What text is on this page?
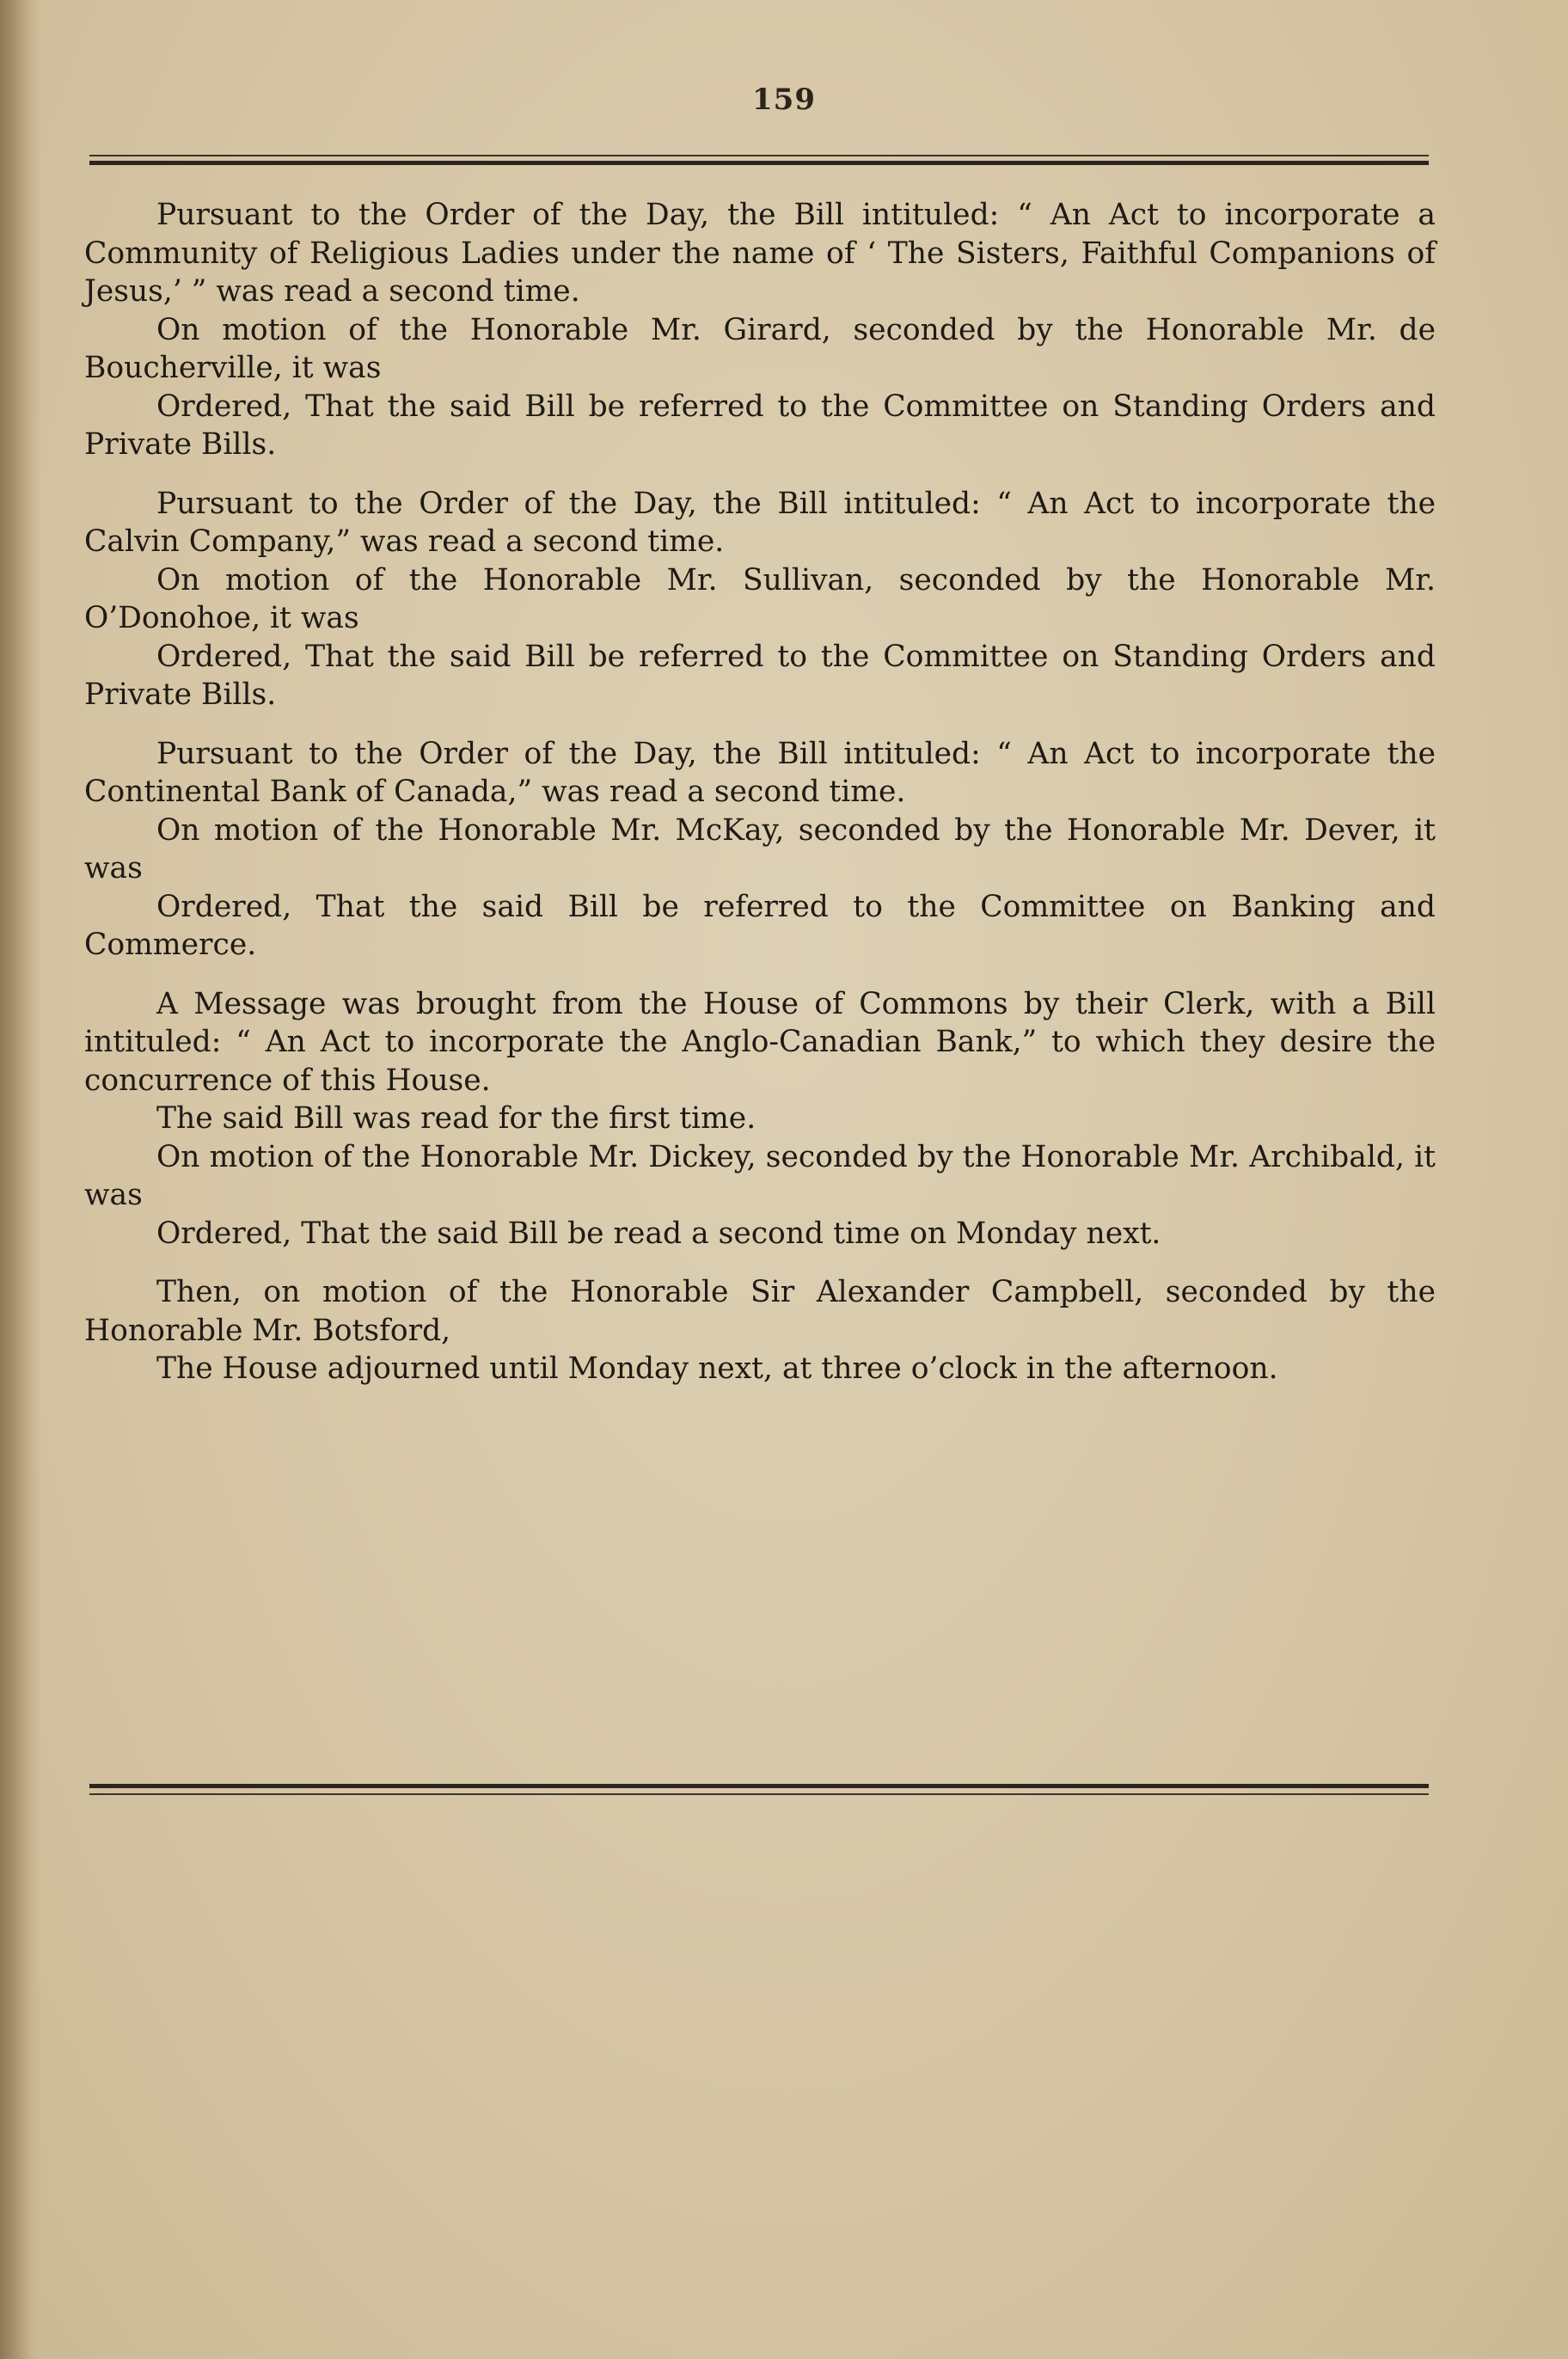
159

Pursuant to the Order of the Day, the Bill intituled: “ An Act to incorporate a Community of Religious Ladies under the name of ‘ The Sisters, Faithful Companions of Jesus,’ ” was read a second time.

On motion of the Honorable Mr. Girard, seconded by the Honorable Mr. de Boucherville, it was

Ordered, That the said Bill be referred to the Committee on Standing Orders and Private Bills.

Pursuant to the Order of the Day, the Bill intituled: “ An Act to incorporate the Calvin Company,” was read a second time.

On motion of the Honorable Mr. Sullivan, seconded by the Honorable Mr. O’Donohoe, it was

Ordered, That the said Bill be referred to the Committee on Standing Orders and Private Bills.

Pursuant to the Order of the Day, the Bill intituled: “ An Act to incorporate the Continental Bank of Canada,” was read a second time.

On motion of the Honorable Mr. McKay, seconded by the Honorable Mr. Dever, it was

Ordered, That the said Bill be referred to the Committee on Banking and Commerce.

A Message was brought from the House of Commons by their Clerk, with a Bill intituled: “ An Act to incorporate the Anglo-Canadian Bank,” to which they desire the concurrence of this House.

The said Bill was read for the first time.

On motion of the Honorable Mr. Dickey, seconded by the Honorable Mr. Archibald, it was

Ordered, That the said Bill be read a second time on Monday next.

Then, on motion of the Honorable Sir Alexander Campbell, seconded by the Honorable Mr. Botsford,

The House adjourned until Monday next, at three o’clock in the afternoon.
